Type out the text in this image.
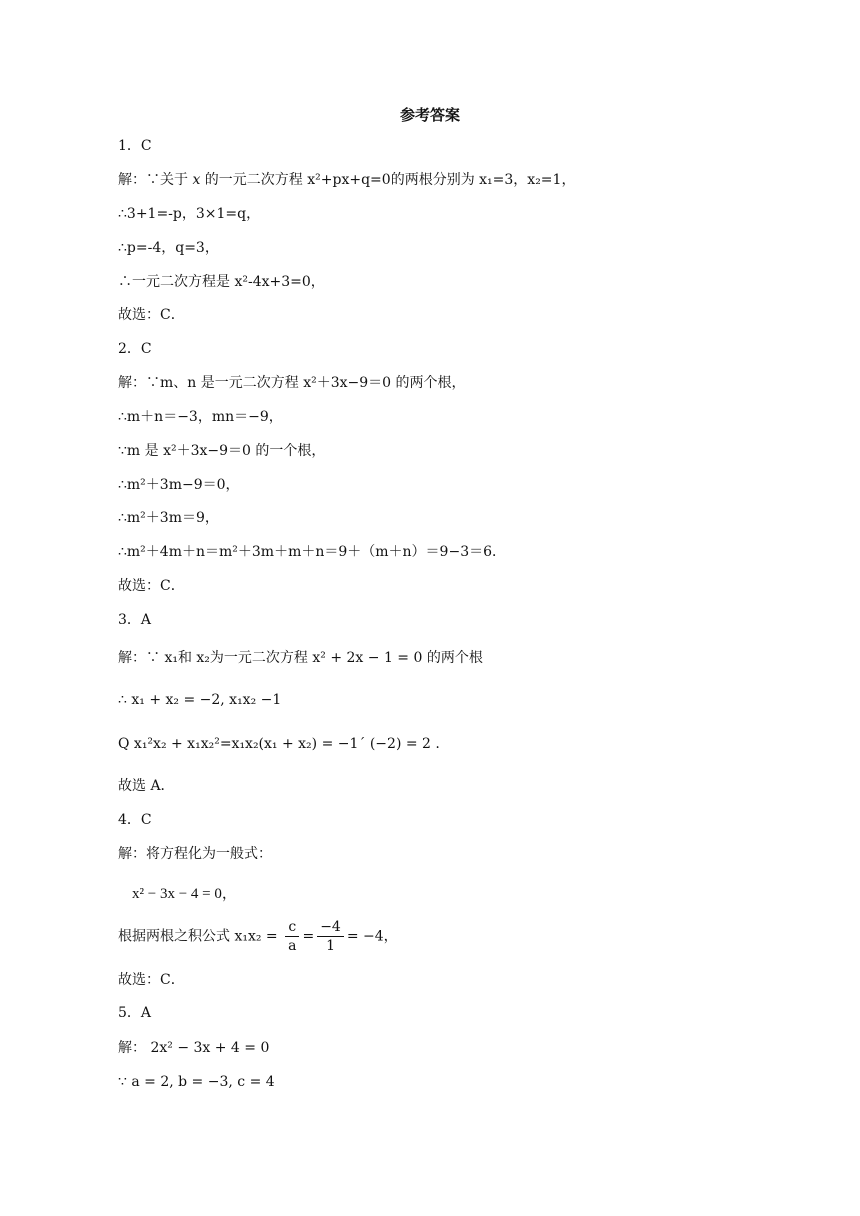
参考答案
1．C
解：∵关于 x 的一元二次方程 x²+px+q=0的两根分别为 x₁=3，x₂=1，
∴3+1=-p，3×1=q，
∴p=-4，q=3，
∴一元二次方程是 x²-4x+3=0，
故选：C．
2．C
解：∵m、n 是一元二次方程 x²＋3x−9＝0 的两个根，
∴m＋n＝−3，mn＝−9，
∵m 是 x²＋3x−9＝0 的一个根，
∴m²＋3m−9＝0，
∴m²＋3m＝9，
∴m²＋4m＋n＝m²＋3m＋m＋n＝9＋（m＋n）＝9−3＝6．
故选：C．
3．A
解：∵ x₁和 x₂为一元二次方程 x² + 2x − 1 = 0 的两个根
∴ x₁ + x₂ = −2, x₁x₂ −1
Q x₁²x₂ + x₁x₂²=x₁x₂(x₁ + x₂) = −1´ (−2) = 2 .
故选 A．
4．C
解：将方程化为一般式：
x² − 3x − 4 = 0，
根据两根之积公式 $x_1x_2 = \frac{c}{a} = \frac{-4}{1} = -4$，
故选：C．
5．A
解： 2x² − 3x + 4 = 0
∵ a = 2, b = −3, c = 4
